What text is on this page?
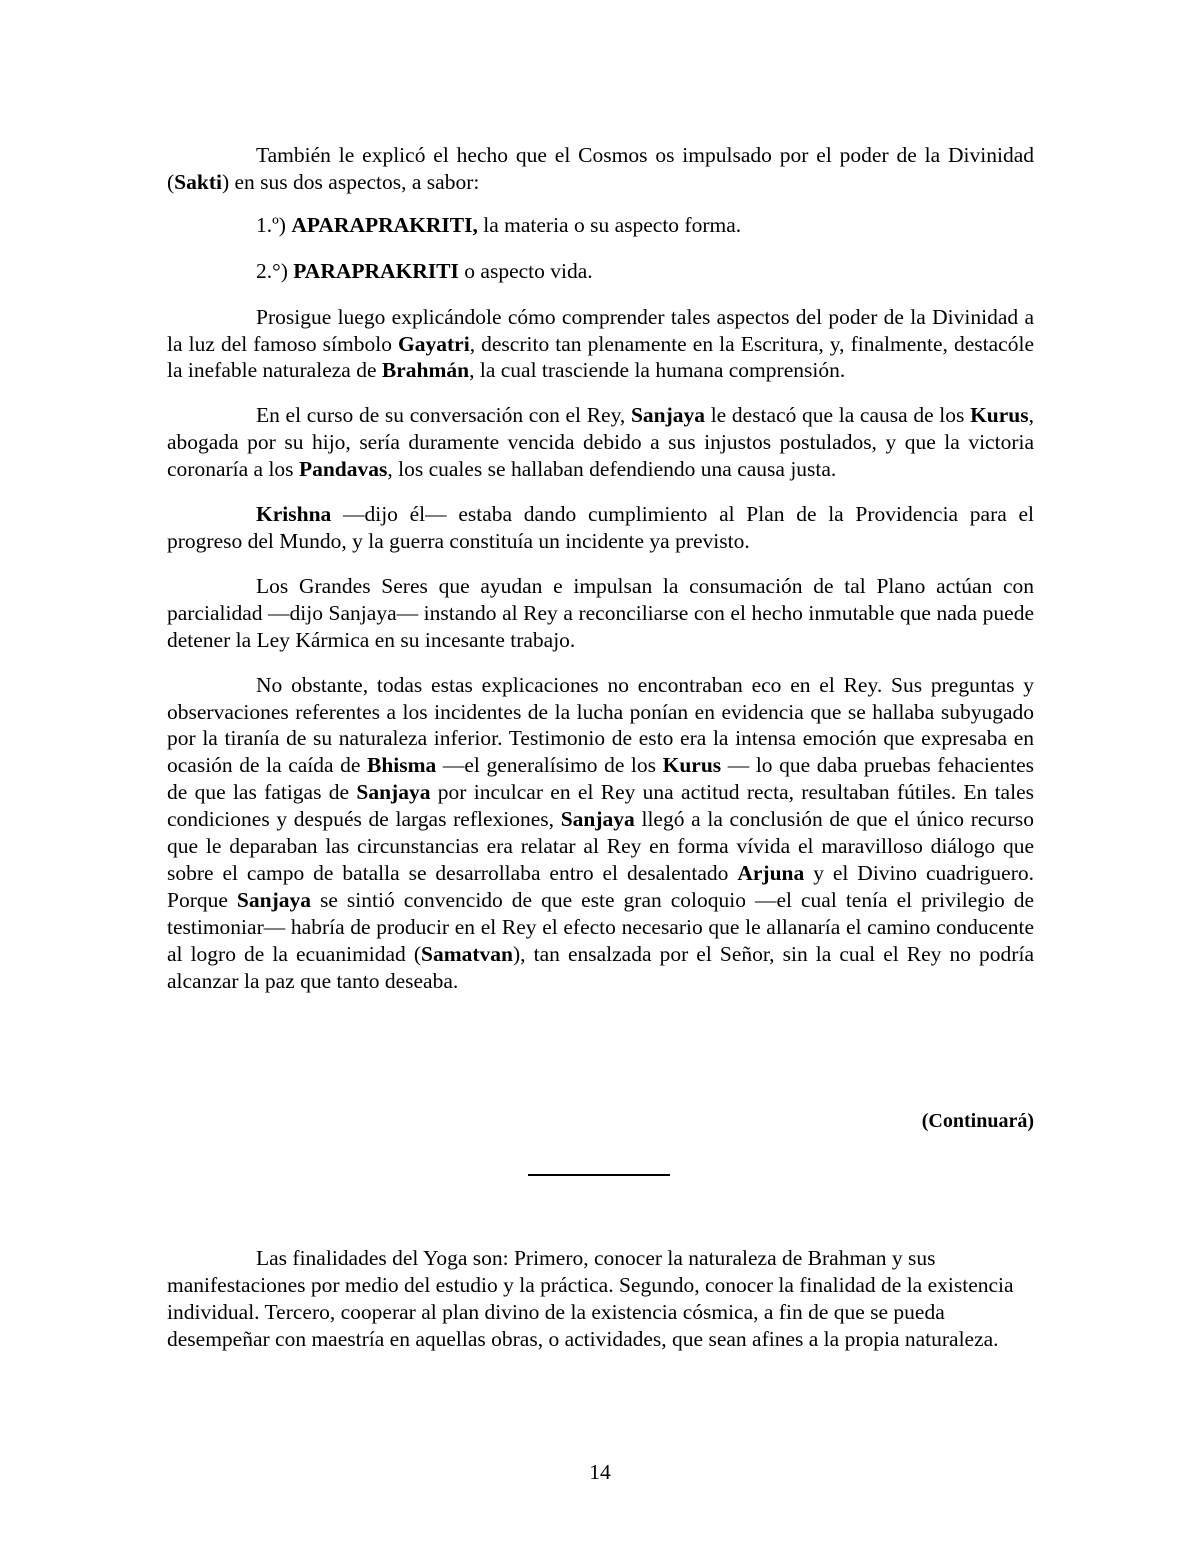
También le explicó el hecho que el Cosmos os impulsado por el poder de la Divinidad (Sakti) en sus dos aspectos, a sabor:

1.º) APARAPRAKRITI, la materia o su aspecto forma.

2.°) PARAPRAKRITI o aspecto vida.

Prosigue luego explicándole cómo comprender tales aspectos del poder de la Divinidad a la luz del famoso símbolo Gayatri, descrito tan plenamente en la Escritura, y, finalmente, destacóle la inefable naturaleza de Brahmán, la cual trasciende la humana comprensión.

En el curso de su conversación con el Rey, Sanjaya le destacó que la causa de los Kurus, abogada por su hijo, sería duramente vencida debido a sus injustos postulados, y que la victoria coronaría a los Pandavas, los cuales se hallaban defendiendo una causa justa.

Krishna —dijo él— estaba dando cumplimiento al Plan de la Providencia para el progreso del Mundo, y la guerra constituía un incidente ya previsto.

Los Grandes Seres que ayudan e impulsan la consumación de tal Plano actúan con parcialidad —dijo Sanjaya— instando al Rey a reconciliarse con el hecho inmutable que nada puede detener la Ley Kármica en su incesante trabajo.

No obstante, todas estas explicaciones no encontraban eco en el Rey. Sus preguntas y observaciones referentes a los incidentes de la lucha ponían en evidencia que se hallaba subyugado por la tiranía de su naturaleza inferior. Testimonio de esto era la intensa emoción que expresaba en ocasión de la caída de Bhisma —el generalísimo de los Kurus — lo que daba pruebas fehacientes de que las fatigas de Sanjaya por inculcar en el Rey una actitud recta, resultaban fútiles. En tales condiciones y después de largas reflexiones, Sanjaya llegó a la conclusión de que el único recurso que le deparaban las circunstancias era relatar al Rey en forma vívida el maravilloso diálogo que sobre el campo de batalla se desarrollaba entro el desalentado Arjuna y el Divino cuadriguero. Porque Sanjaya se sintió convencido de que este gran coloquio —el cual tenía el privilegio de testimoniar— habría de producir en el Rey el efecto necesario que le allanaría el camino conducente al logro de la ecuanimidad (Samatvan), tan ensalzada por el Señor, sin la cual el Rey no podría alcanzar la paz que tanto deseaba.

(Continuará)

Las finalidades del Yoga son: Primero, conocer la naturaleza de Brahman y sus manifestaciones por medio del estudio y la práctica. Segundo, conocer la finalidad de la existencia individual. Tercero, cooperar al plan divino de la existencia cósmica, a fin de que se pueda desempeñar con maestría en aquellas obras, o actividades, que sean afines a la propia naturaleza.

14
